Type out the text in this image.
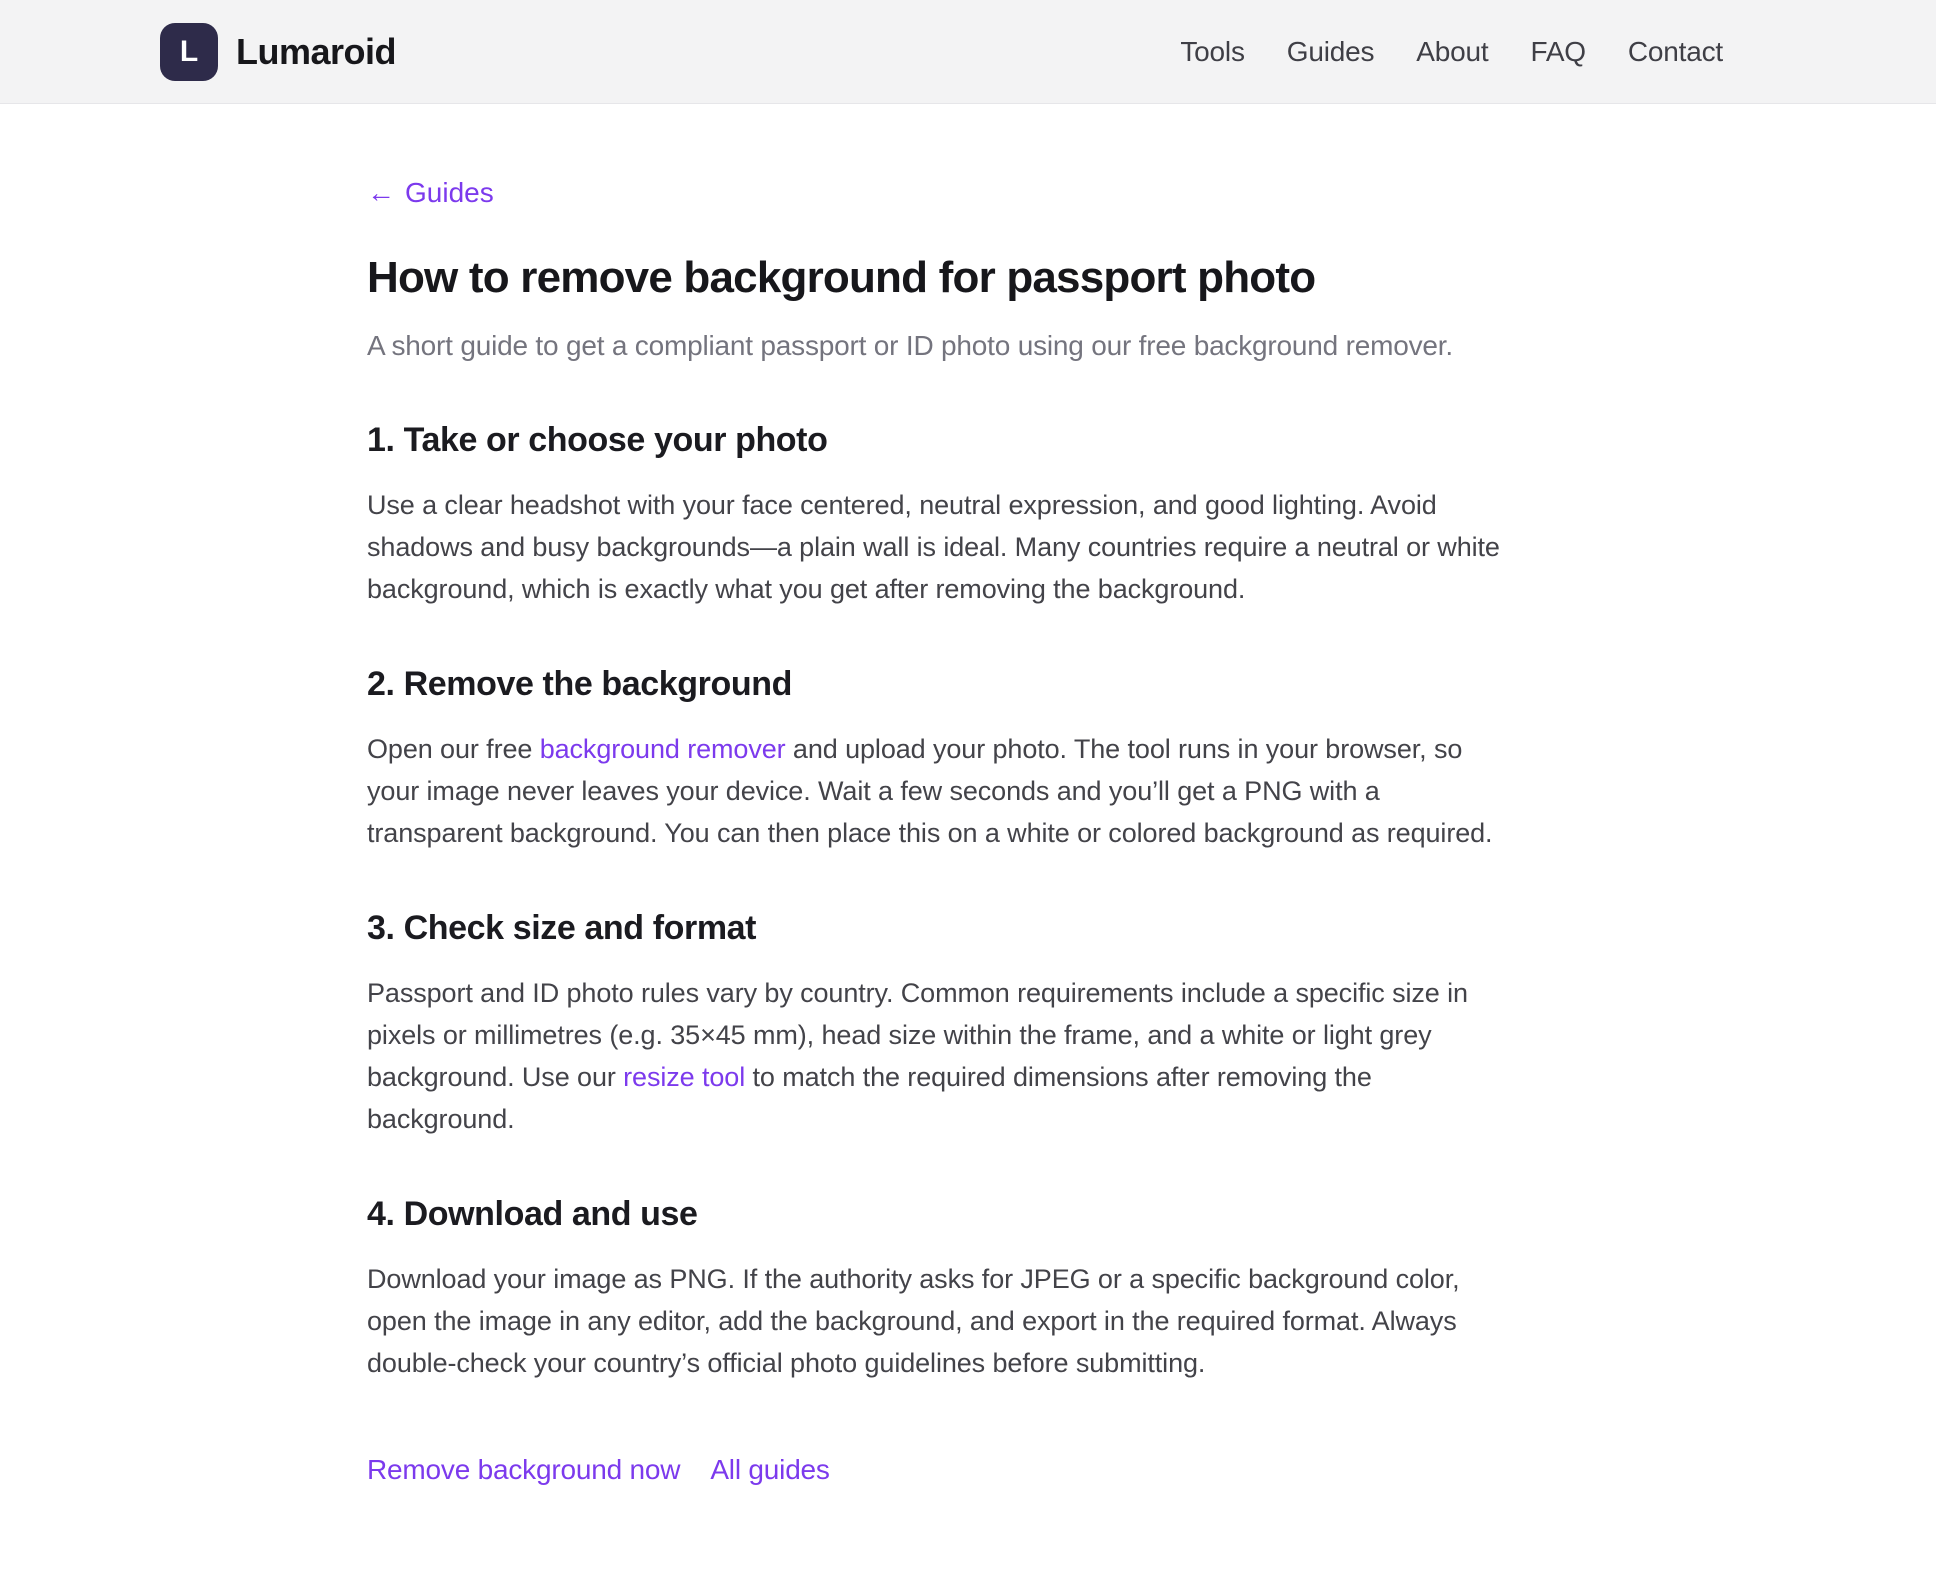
L Lumaroid	Tools Guides About FAQ Contact
← Guides
How to remove background for passport photo

A short guide to get a compliant passport or ID photo using our free background remover.

1. Take or choose your photo

Use a clear headshot with your face centered, neutral expression, and good lighting. Avoid shadows and busy backgrounds—a plain wall is ideal. Many countries require a neutral or white background, which is exactly what you get after removing the background.

2. Remove the background

Open our free background remover and upload your photo. The tool runs in your browser, so your image never leaves your device. Wait a few seconds and you’ll get a PNG with a transparent background. You can then place this on a white or colored background as required.

3. Check size and format

Passport and ID photo rules vary by country. Common requirements include a specific size in pixels or millimetres (e.g. 35×45 mm), head size within the frame, and a white or light grey background. Use our resize tool to match the required dimensions after removing the background.

4. Download and use

Download your image as PNG. If the authority asks for JPEG or a specific background color, open the image in any editor, add the background, and export in the required format. Always double-check your country’s official photo guidelines before submitting.

Remove background now All guides
